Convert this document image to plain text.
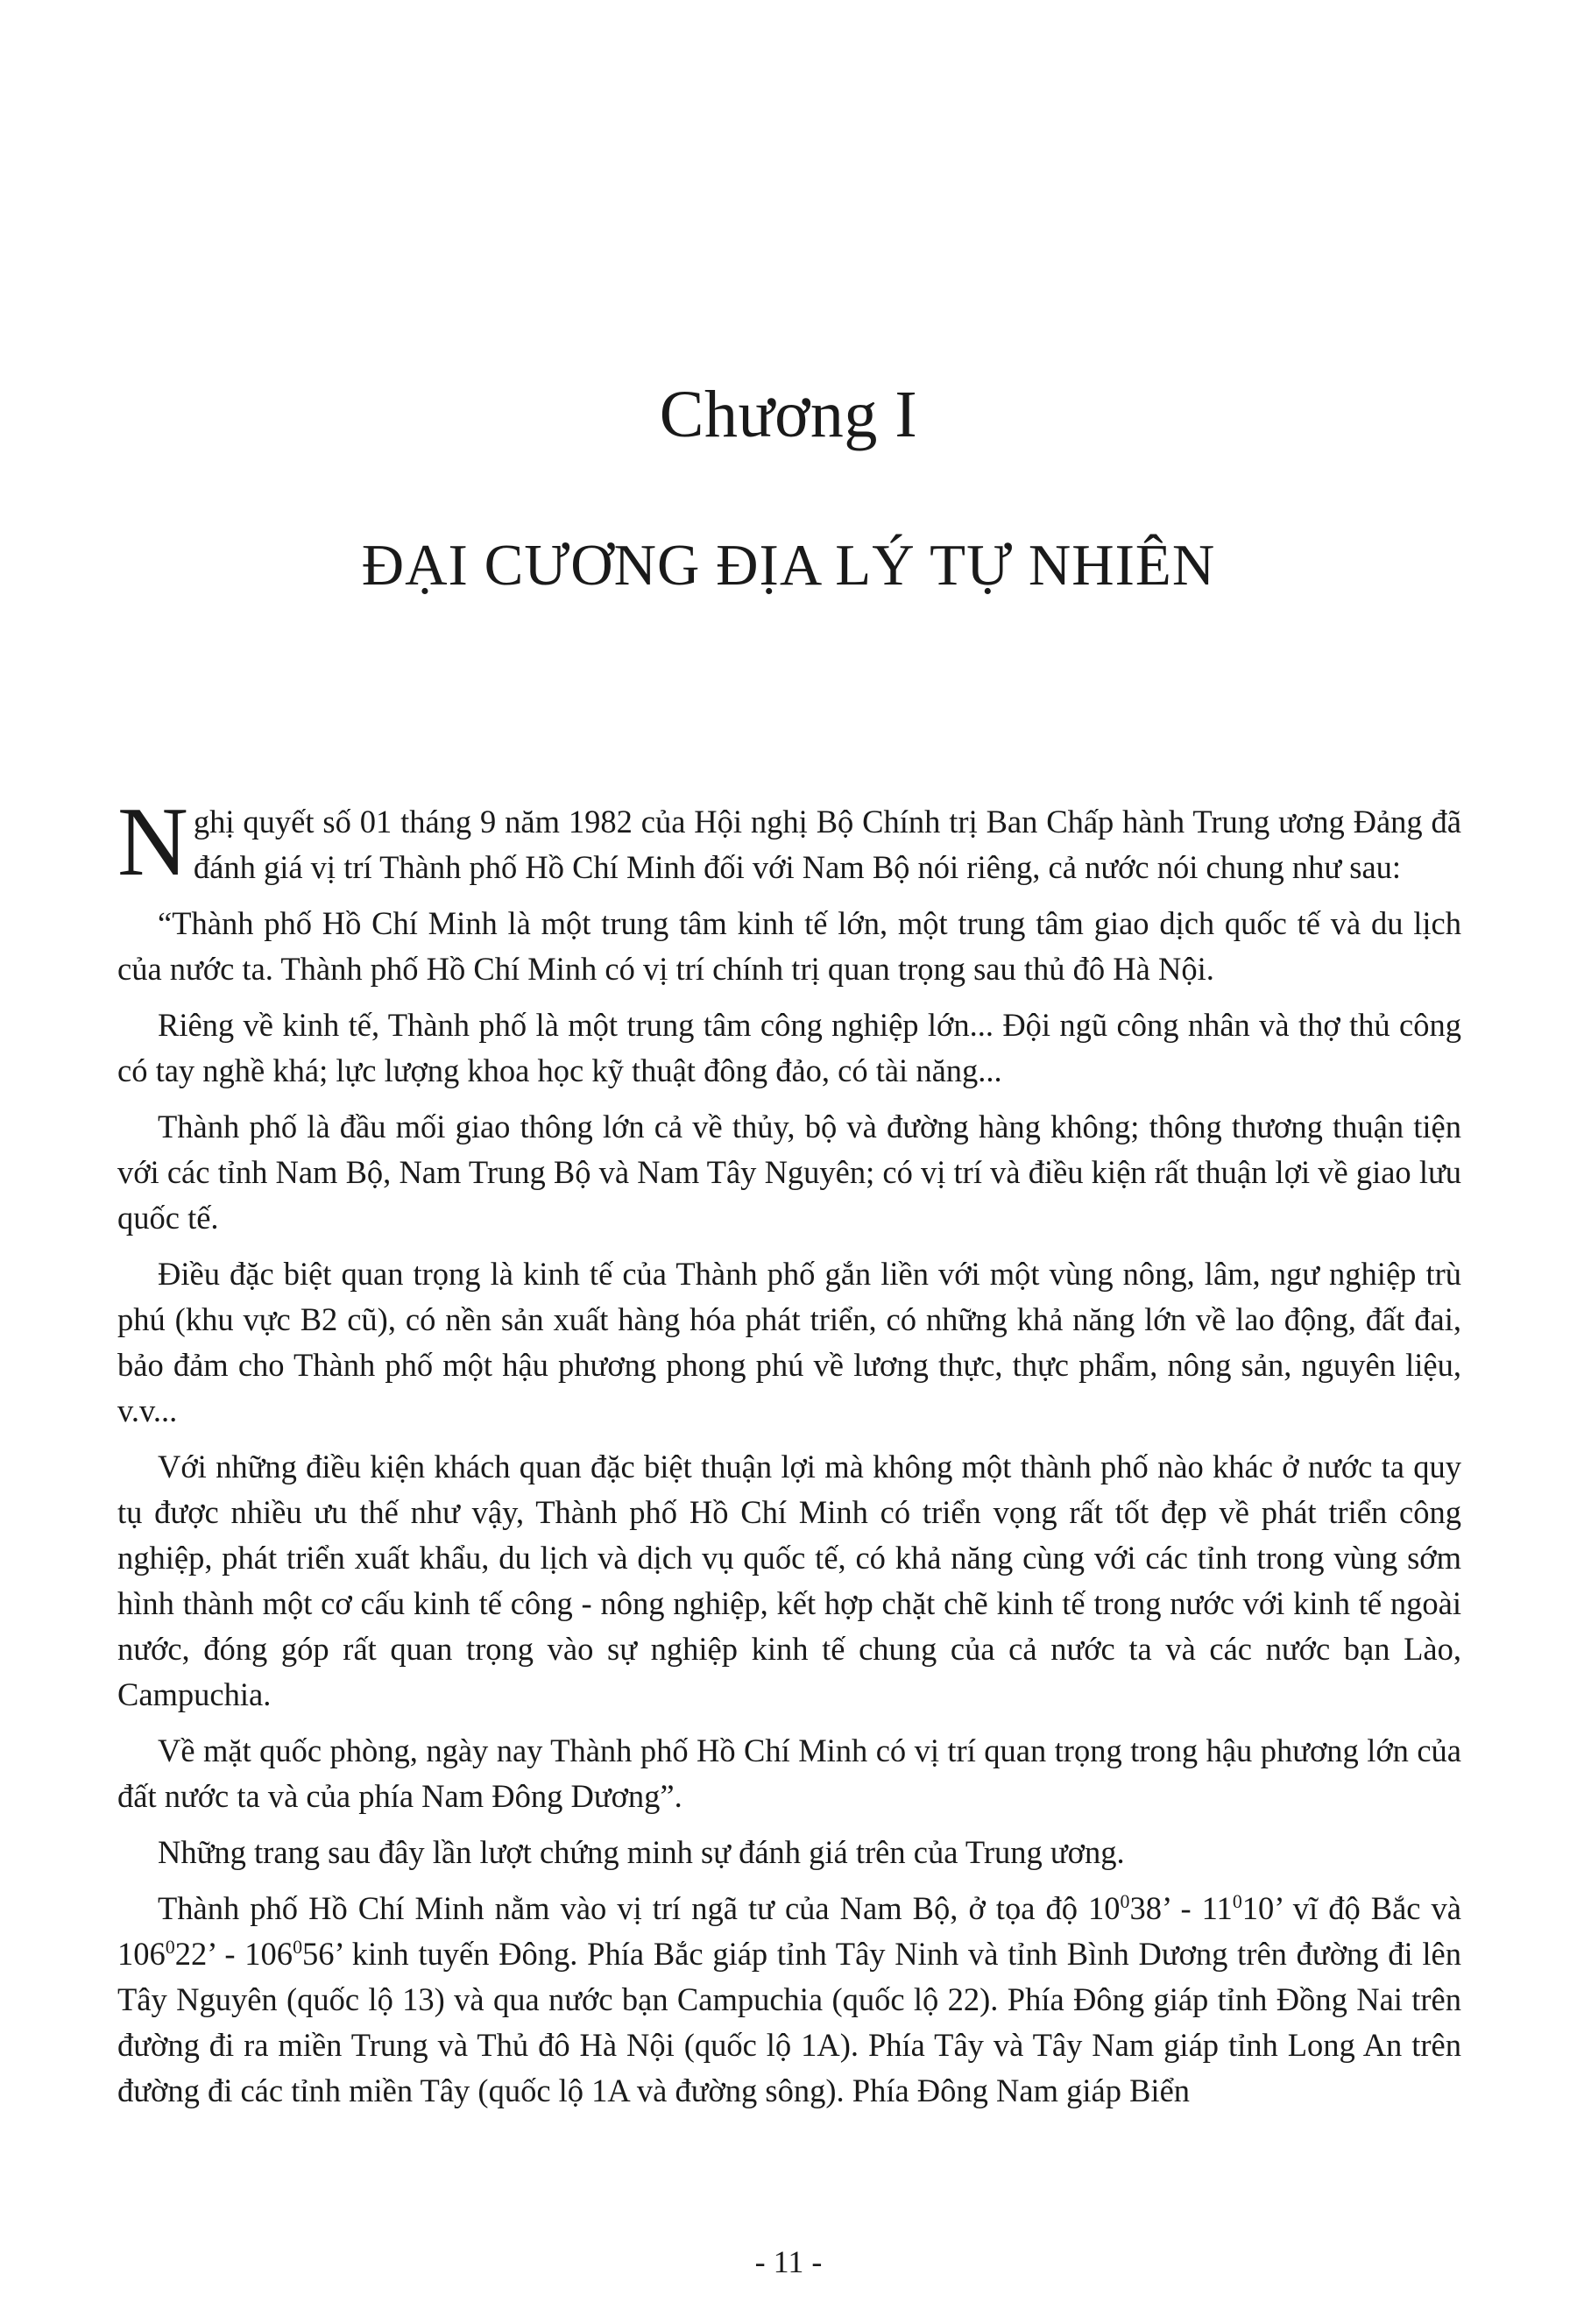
Chương I
ĐẠI CƯƠNG ĐỊA LÝ TỰ NHIÊN

Nghị quyết số 01 tháng 9 năm 1982 của Hội nghị Bộ Chính trị Ban Chấp hành Trung ương Đảng đã đánh giá vị trí Thành phố Hồ Chí Minh đối với Nam Bộ nói riêng, cả nước nói chung như sau:

“Thành phố Hồ Chí Minh là một trung tâm kinh tế lớn, một trung tâm giao dịch quốc tế và du lịch của nước ta. Thành phố Hồ Chí Minh có vị trí chính trị quan trọng sau thủ đô Hà Nội.

Riêng về kinh tế, Thành phố là một trung tâm công nghiệp lớn... Đội ngũ công nhân và thợ thủ công có tay nghề khá; lực lượng khoa học kỹ thuật đông đảo, có tài năng...

Thành phố là đầu mối giao thông lớn cả về thủy, bộ và đường hàng không; thông thương thuận tiện với các tỉnh Nam Bộ, Nam Trung Bộ và Nam Tây Nguyên; có vị trí và điều kiện rất thuận lợi về giao lưu quốc tế.

Điều đặc biệt quan trọng là kinh tế của Thành phố gắn liền với một vùng nông, lâm, ngư nghiệp trù phú (khu vực B2 cũ), có nền sản xuất hàng hóa phát triển, có những khả năng lớn về lao động, đất đai, bảo đảm cho Thành phố một hậu phương phong phú về lương thực, thực phẩm, nông sản, nguyên liệu, v.v...

Với những điều kiện khách quan đặc biệt thuận lợi mà không một thành phố nào khác ở nước ta quy tụ được nhiều ưu thế như vậy, Thành phố Hồ Chí Minh có triển vọng rất tốt đẹp về phát triển công nghiệp, phát triển xuất khẩu, du lịch và dịch vụ quốc tế, có khả năng cùng với các tỉnh trong vùng sớm hình thành một cơ cấu kinh tế công - nông nghiệp, kết hợp chặt chẽ kinh tế trong nước với kinh tế ngoài nước, đóng góp rất quan trọng vào sự nghiệp kinh tế chung của cả nước ta và các nước bạn Lào, Campuchia.

Về mặt quốc phòng, ngày nay Thành phố Hồ Chí Minh có vị trí quan trọng trong hậu phương lớn của đất nước ta và của phía Nam Đông Dương”.

Những trang sau đây lần lượt chứng minh sự đánh giá trên của Trung ương.

Thành phố Hồ Chí Minh nằm vào vị trí ngã tư của Nam Bộ, ở tọa độ $10^038$’ - $11^010$’ vĩ độ Bắc và $106^022$’ - $106^056$’ kinh tuyến Đông. Phía Bắc giáp tỉnh Tây Ninh và tỉnh Bình Dương trên đường đi lên Tây Nguyên (quốc lộ 13) và qua nước bạn Campuchia (quốc lộ 22). Phía Đông giáp tỉnh Đồng Nai trên đường đi ra miền Trung và Thủ đô Hà Nội (quốc lộ 1A). Phía Tây và Tây Nam giáp tỉnh Long An trên đường đi các tỉnh miền Tây (quốc lộ 1A và đường sông). Phía Đông Nam giáp Biển

- 11 -
